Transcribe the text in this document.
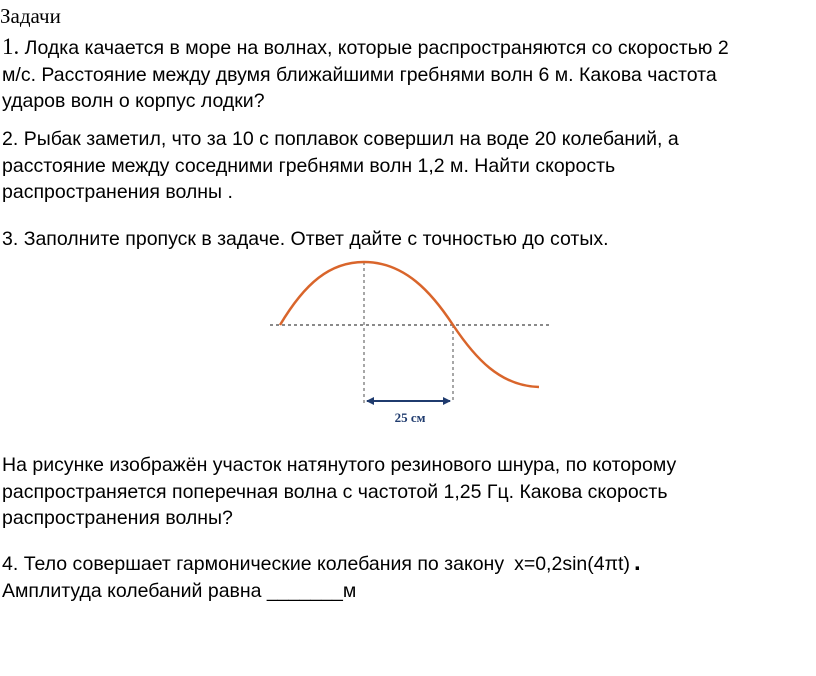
Задачи

1. Лодка качается в море на волнах, которые распространяются со скоростью 2
м/с. Расстояние между двумя ближайшими гребнями волн 6 м. Какова частота
ударов волн о корпус лодки?

2. Рыбак заметил, что за 10 с поплавок совершил на воде 20 колебаний, а
расстояние между соседними гребнями волн 1,2 м. Найти скорость
распространения волны .

3. Заполните пропуск в задаче. Ответ дайте с точностью до сотых.

25 см

На рисунке изображён участок натянутого резинового шнура, по которому
распространяется поперечная волна с частотой 1,25 Гц. Какова скорость
распространения волны?

4. Тело совершает гармонические колебания по закону x=0,2sin(4πt) .
Амплитуда колебаний равна _______м
